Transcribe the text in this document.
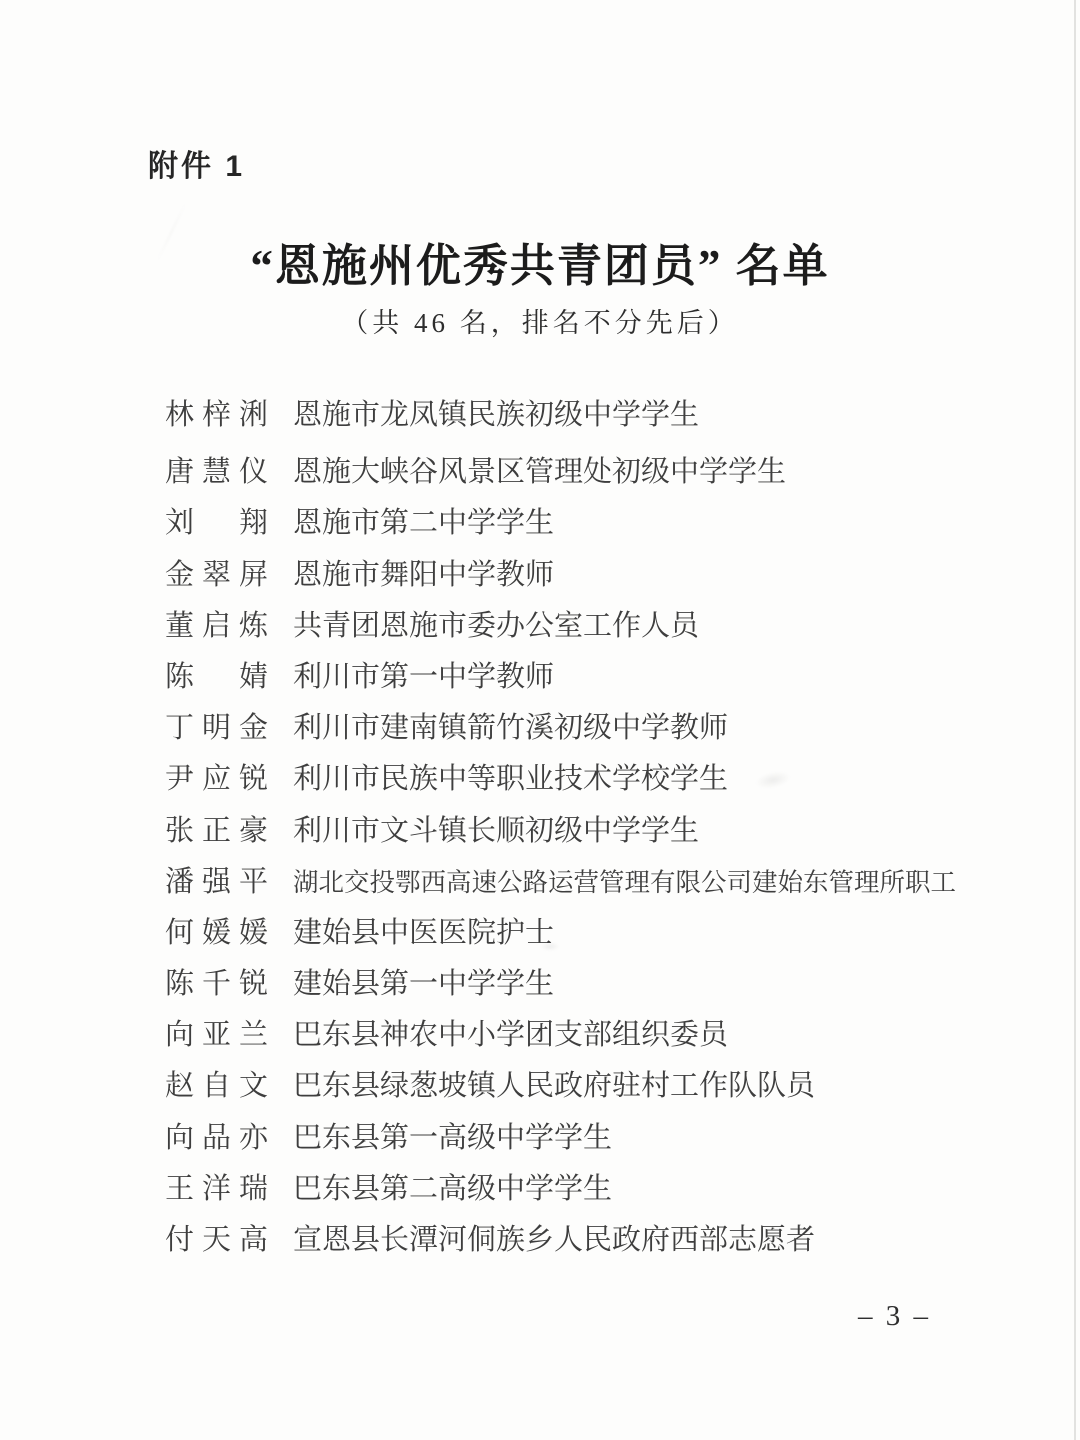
附件 1
“恩施州优秀共青团员” 名单
（共 46 名，排名不分先后）
林梓浰 恩施市龙凤镇民族初级中学学生
唐慧仪 恩施大峡谷风景区管理处初级中学学生
刘　翔 恩施市第二中学学生
金翠屏 恩施市舞阳中学教师
董启炼 共青团恩施市委办公室工作人员
陈　婧 利川市第一中学教师
丁明金 利川市建南镇箭竹溪初级中学教师
尹应锐 利川市民族中等职业技术学校学生
张正豪 利川市文斗镇长顺初级中学学生
潘强平 湖北交投鄂西高速公路运营管理有限公司建始东管理所职工
何媛媛 建始县中医医院护士
陈千锐 建始县第一中学学生
向亚兰 巴东县神农中小学团支部组织委员
赵自文 巴东县绿葱坡镇人民政府驻村工作队队员
向品亦 巴东县第一高级中学学生
王洋瑞 巴东县第二高级中学学生
付天高 宣恩县长潭河侗族乡人民政府西部志愿者
– 3 –
